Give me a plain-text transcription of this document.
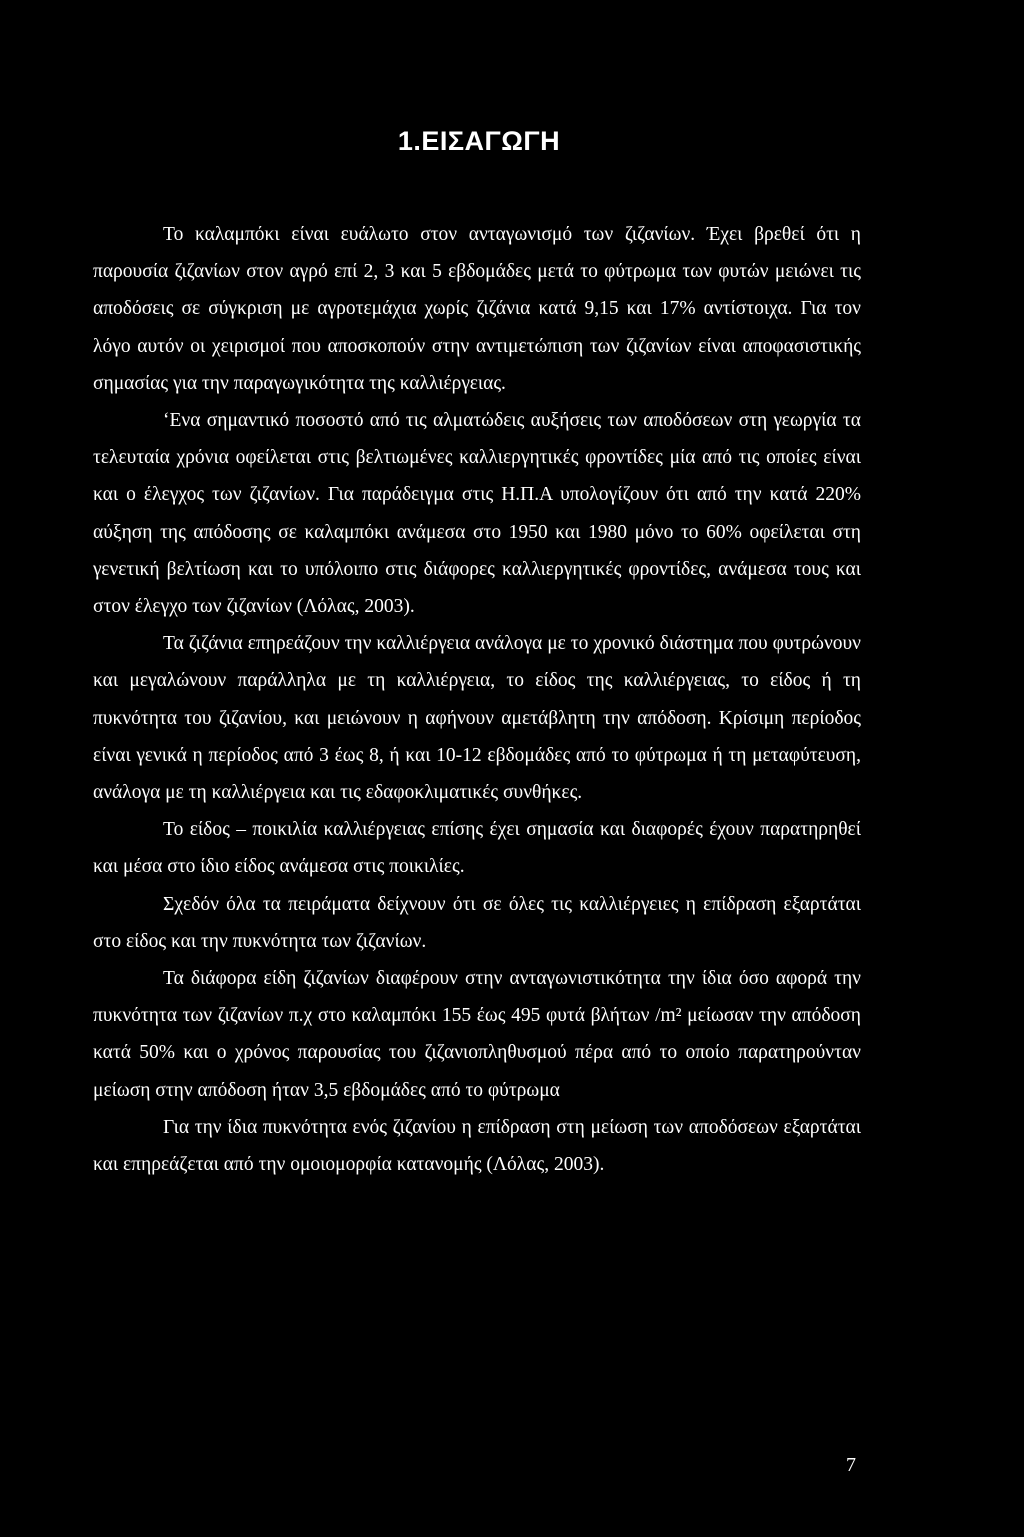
1.ΕΙΣΑΓΩΓΗ

Το καλαμπόκι είναι ευάλωτο στον ανταγωνισμό των ζιζανίων. Έχει βρεθεί ότι η παρουσία ζιζανίων στον αγρό επί 2, 3 και 5 εβδομάδες μετά το φύτρωμα των φυτών μειώνει τις αποδόσεις σε σύγκριση με αγροτεμάχια χωρίς ζιζάνια κατά 9,15 και 17% αντίστοιχα. Για τον λόγο αυτόν οι χειρισμοί που αποσκοπούν στην αντιμετώπιση των ζιζανίων είναι αποφασιστικής σημασίας για την παραγωγικότητα της καλλιέργειας.

‘Ενα σημαντικό ποσοστό από τις αλματώδεις αυξήσεις των αποδόσεων στη γεωργία τα τελευταία χρόνια οφείλεται στις βελτιωμένες καλλιεργητικές φροντίδες μία από τις οποίες είναι και ο έλεγχος των ζιζανίων. Για παράδειγμα στις Η.Π.Α υπολογίζουν ότι από την κατά 220% αύξηση της απόδοσης σε καλαμπόκι ανάμεσα στο 1950 και 1980 μόνο το 60% οφείλεται στη γενετική βελτίωση και το υπόλοιπο στις διάφορες καλλιεργητικές φροντίδες, ανάμεσα τους και στον έλεγχο των ζιζανίων (Λόλας, 2003).

Τα ζιζάνια επηρεάζουν την καλλιέργεια ανάλογα με το χρονικό διάστημα που φυτρώνουν και μεγαλώνουν παράλληλα με τη καλλιέργεια, το είδος της καλλιέργειας, το είδος ή τη πυκνότητα του ζιζανίου, και μειώνουν η αφήνουν αμετάβλητη την απόδοση. Κρίσιμη περίοδος είναι γενικά η περίοδος από 3 έως 8, ή και 10-12 εβδομάδες από το φύτρωμα ή τη μεταφύτευση, ανάλογα με τη καλλιέργεια και τις εδαφοκλιματικές συνθήκες.

Το είδος – ποικιλία καλλιέργειας επίσης έχει σημασία και διαφορές έχουν παρατηρηθεί και μέσα στο ίδιο είδος ανάμεσα στις ποικιλίες.

Σχεδόν όλα τα πειράματα δείχνουν ότι σε όλες τις καλλιέργειες η επίδραση εξαρτάται στο είδος και την πυκνότητα των ζιζανίων.

Τα διάφορα είδη ζιζανίων διαφέρουν στην ανταγωνιστικότητα την ίδια όσο αφορά την πυκνότητα των ζιζανίων π.χ στο καλαμπόκι 155 έως 495 φυτά βλήτων /m² μείωσαν την απόδοση κατά 50% και ο χρόνος παρουσίας του ζιζανιοπληθυσμού πέρα από το οποίο παρατηρούνταν μείωση στην απόδοση ήταν 3,5 εβδομάδες από το φύτρωμα

Για την ίδια πυκνότητα ενός ζιζανίου η επίδραση στη μείωση των αποδόσεων εξαρτάται και επηρεάζεται από την ομοιομορφία κατανομής (Λόλας, 2003).

7
